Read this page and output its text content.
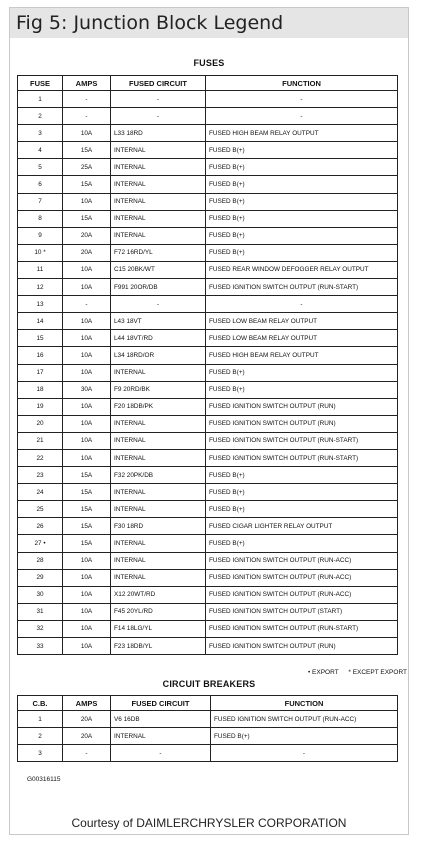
Fig 5: Junction Block Legend
FUSES
CIRCUIT BREAKERS
• EXPORT * EXCEPT EXPORT
G00316115
Courtesy of DAIMLERCHRYSLER CORPORATION
FUSE	AMPS	FUSED CIRCUIT	FUNCTION
1	-	-	-
2	-	-	-
3	10A	L33 18RD	FUSED HIGH BEAM RELAY OUTPUT
4	15A	INTERNAL	FUSED B(+)
5	25A	INTERNAL	FUSED B(+)
6	15A	INTERNAL	FUSED B(+)
7	10A	INTERNAL	FUSED B(+)
8	15A	INTERNAL	FUSED B(+)
9	20A	INTERNAL	FUSED B(+)
10 *	20A	F72 16RD/YL	FUSED B(+)
11	10A	C15 20BK/WT	FUSED REAR WINDOW DEFOGGER RELAY OUTPUT
12	10A	F991 20OR/DB	FUSED IGNITION SWITCH OUTPUT (RUN-START)
13	-	-	-
14	10A	L43 18VT	FUSED LOW BEAM RELAY OUTPUT
15	10A	L44 18VT/RD	FUSED LOW BEAM RELAY OUTPUT
16	10A	L34 18RD/OR	FUSED HIGH BEAM RELAY OUTPUT
17	10A	INTERNAL	FUSED B(+)
18	30A	F9 20RD/BK	FUSED B(+)
19	10A	F20 18DB/PK	FUSED IGNITION SWITCH OUTPUT (RUN)
20	10A	INTERNAL	FUSED IGNITION SWITCH OUTPUT (RUN)
21	10A	INTERNAL	FUSED IGNITION SWITCH OUTPUT (RUN-START)
22	10A	INTERNAL	FUSED IGNITION SWITCH OUTPUT (RUN-START)
23	15A	F32 20PK/DB	FUSED B(+)
24	15A	INTERNAL	FUSED B(+)
25	15A	INTERNAL	FUSED B(+)
26	15A	F30 18RD	FUSED CIGAR LIGHTER RELAY OUTPUT
27 •	15A	INTERNAL	FUSED B(+)
28	10A	INTERNAL	FUSED IGNITION SWITCH OUTPUT (RUN-ACC)
29	10A	INTERNAL	FUSED IGNITION SWITCH OUTPUT (RUN-ACC)
30	10A	X12 20WT/RD	FUSED IGNITION SWITCH OUTPUT (RUN-ACC)
31	10A	F45 20YL/RD	FUSED IGNITION SWITCH OUTPUT (START)
32	10A	F14 18LG/YL	FUSED IGNITION SWITCH OUTPUT (RUN-START)
33	10A	F23 18DB/YL	FUSED IGNITION SWITCH OUTPUT (RUN)
C.B.	AMPS	FUSED CIRCUIT	FUNCTION
1	20A	V6 16DB	FUSED IGNITION SWITCH OUTPUT (RUN-ACC)
2	20A	INTERNAL	FUSED B(+)
3	-	-	-
